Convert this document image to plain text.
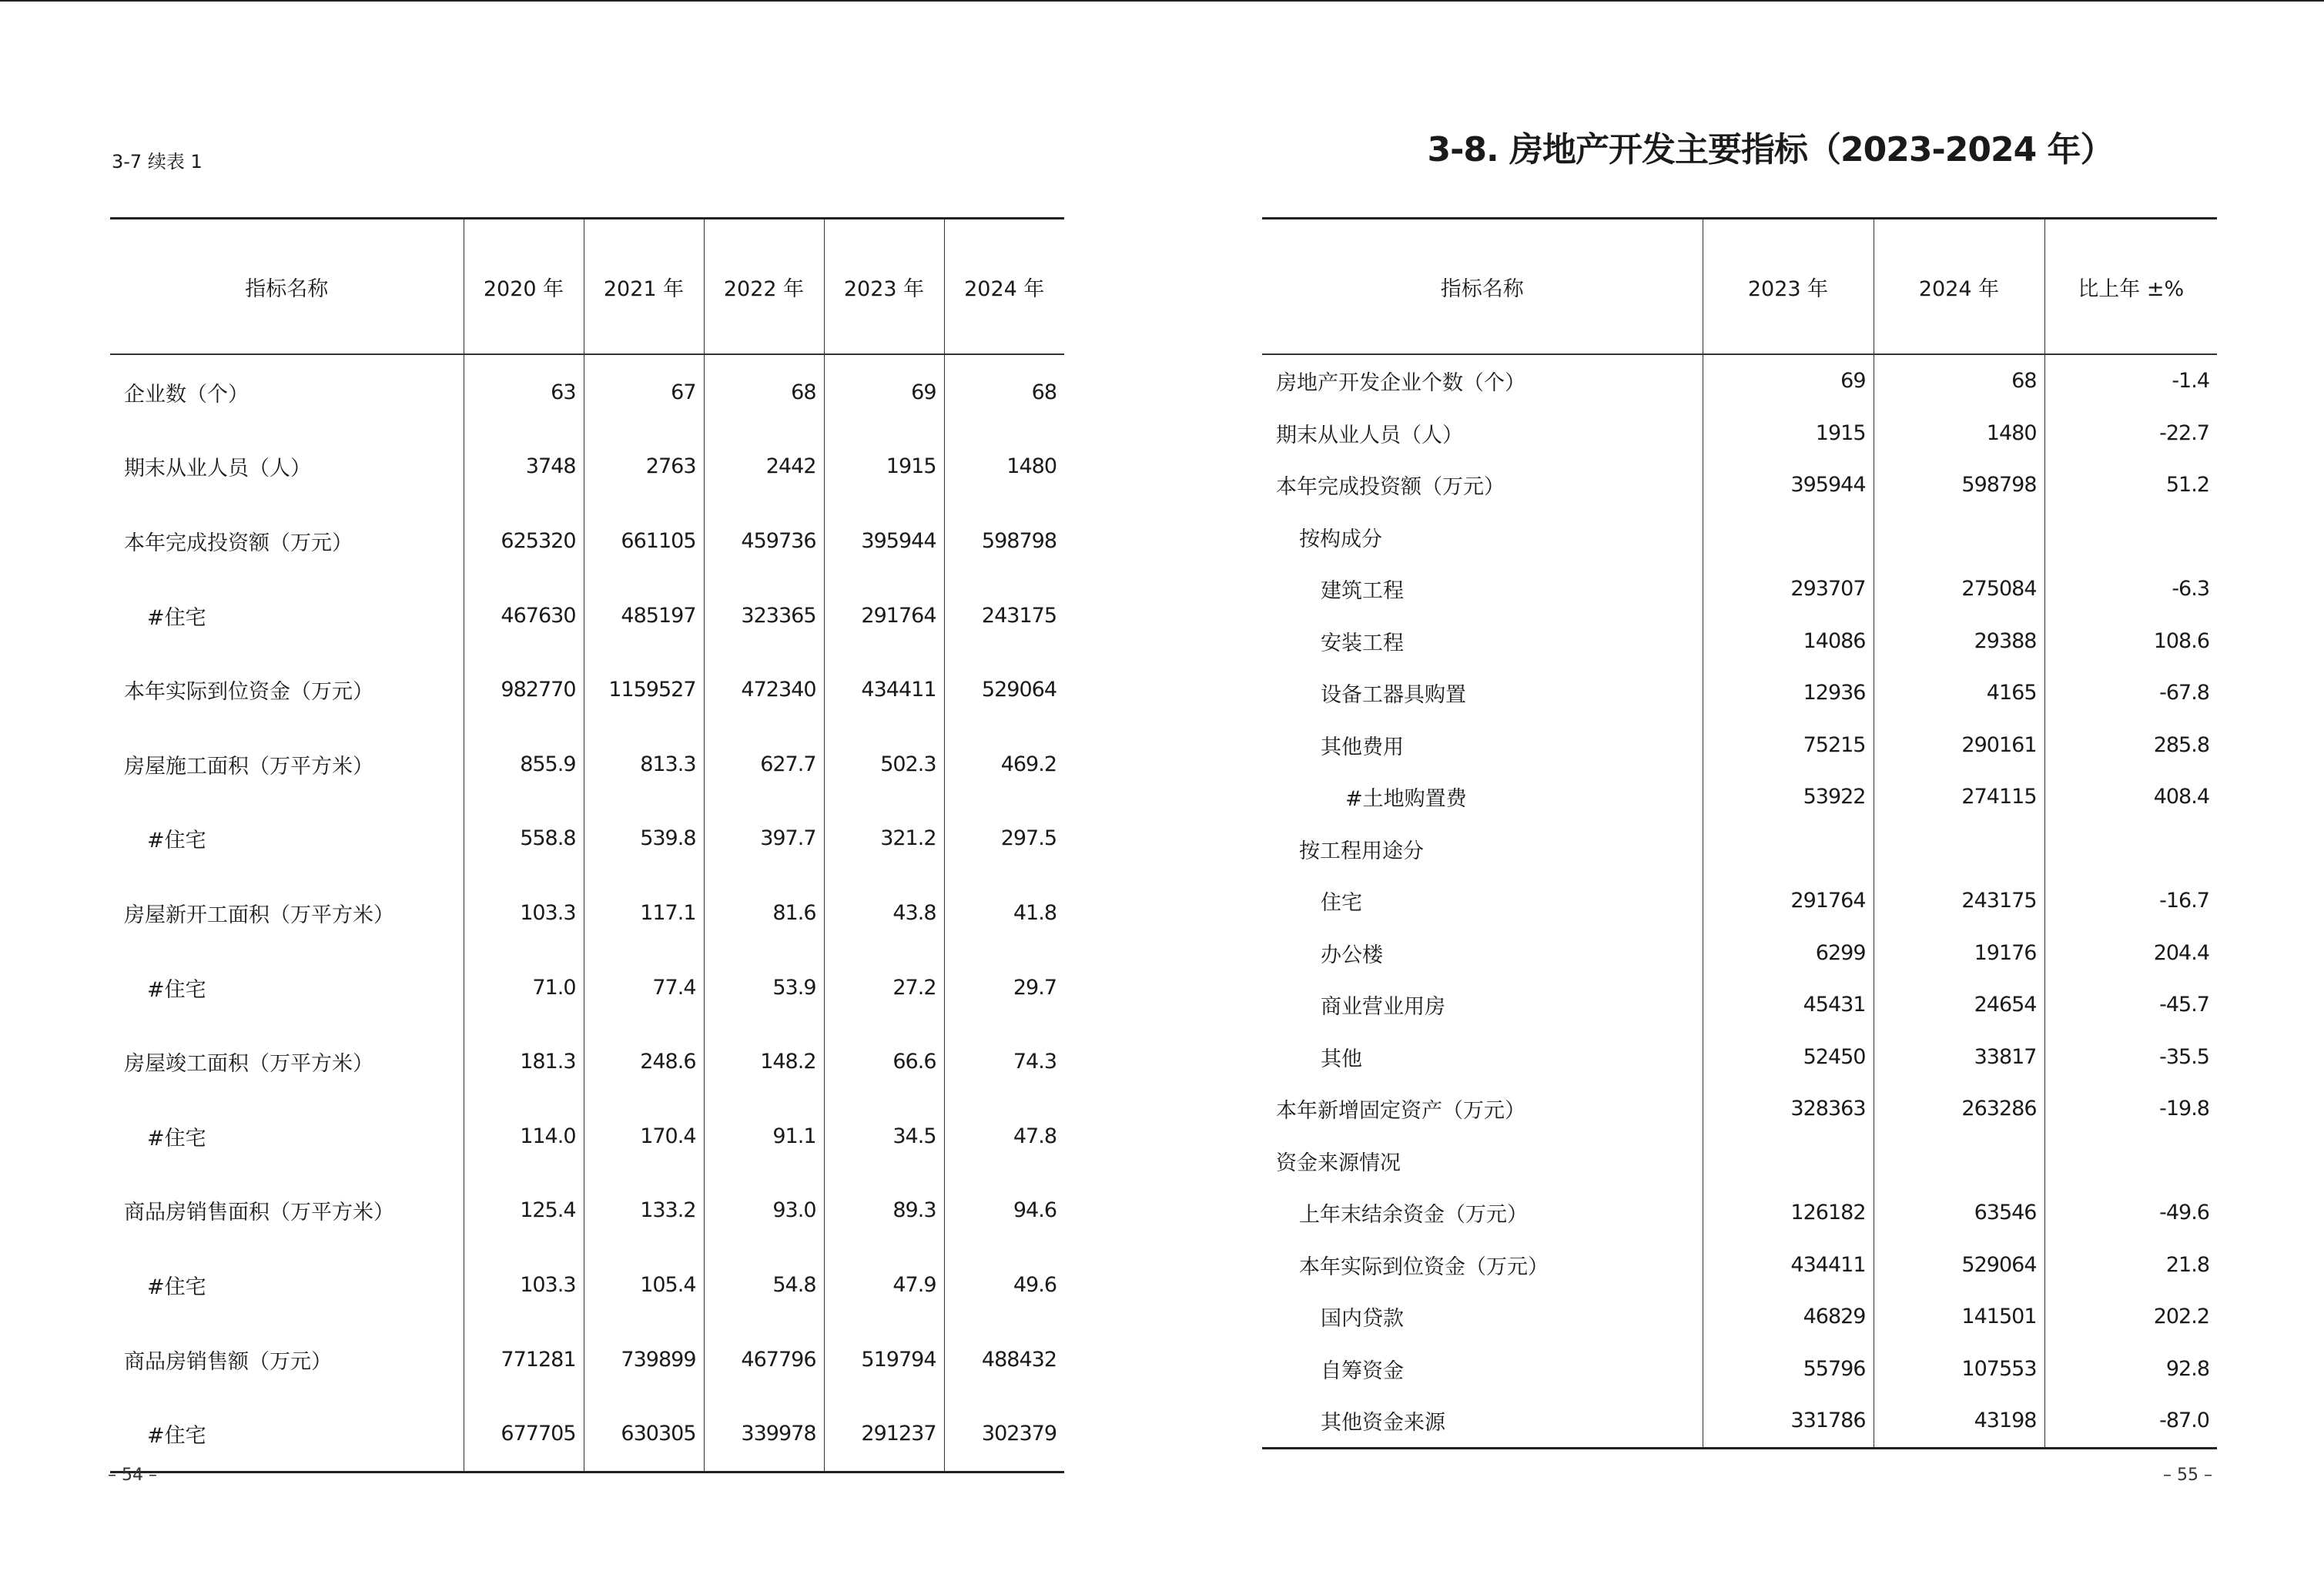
3-7 续表 1
指标名称	2020 年	2021 年	2022 年	2023 年	2024 年
企业数（个）	63	67	68	69	68
期末从业人员（人）	3748	2763	2442	1915	1480
本年完成投资额（万元）	625320	661105	459736	395944	598798
#住宅	467630	485197	323365	291764	243175
本年实际到位资金（万元）	982770	1159527	472340	434411	529064
房屋施工面积（万平方米）	855.9	813.3	627.7	502.3	469.2
#住宅	558.8	539.8	397.7	321.2	297.5
房屋新开工面积（万平方米）	103.3	117.1	81.6	43.8	41.8
#住宅	71.0	77.4	53.9	27.2	29.7
房屋竣工面积（万平方米）	181.3	248.6	148.2	66.6	74.3
#住宅	114.0	170.4	91.1	34.5	47.8
商品房销售面积（万平方米）	125.4	133.2	93.0	89.3	94.6
#住宅	103.3	105.4	54.8	47.9	49.6
商品房销售额（万元）	771281	739899	467796	519794	488432
#住宅	677705	630305	339978	291237	302379
– 54 –
3-8. 房地产开发主要指标（2023-2024 年）
指标名称	2023 年	2024 年	比上年 ±%
房地产开发企业个数（个）	69	68	-1.4
期末从业人员（人）	1915	1480	-22.7
本年完成投资额（万元）	395944	598798	51.2
按构成分			
建筑工程	293707	275084	-6.3
安装工程	14086	29388	108.6
设备工器具购置	12936	4165	-67.8
其他费用	75215	290161	285.8
#土地购置费	53922	274115	408.4
按工程用途分			
住宅	291764	243175	-16.7
办公楼	6299	19176	204.4
商业营业用房	45431	24654	-45.7
其他	52450	33817	-35.5
本年新增固定资产（万元）	328363	263286	-19.8
资金来源情况			
上年末结余资金（万元）	126182	63546	-49.6
本年实际到位资金（万元）	434411	529064	21.8
国内贷款	46829	141501	202.2
自筹资金	55796	107553	92.8
其他资金来源	331786	43198	-87.0
– 55 –
